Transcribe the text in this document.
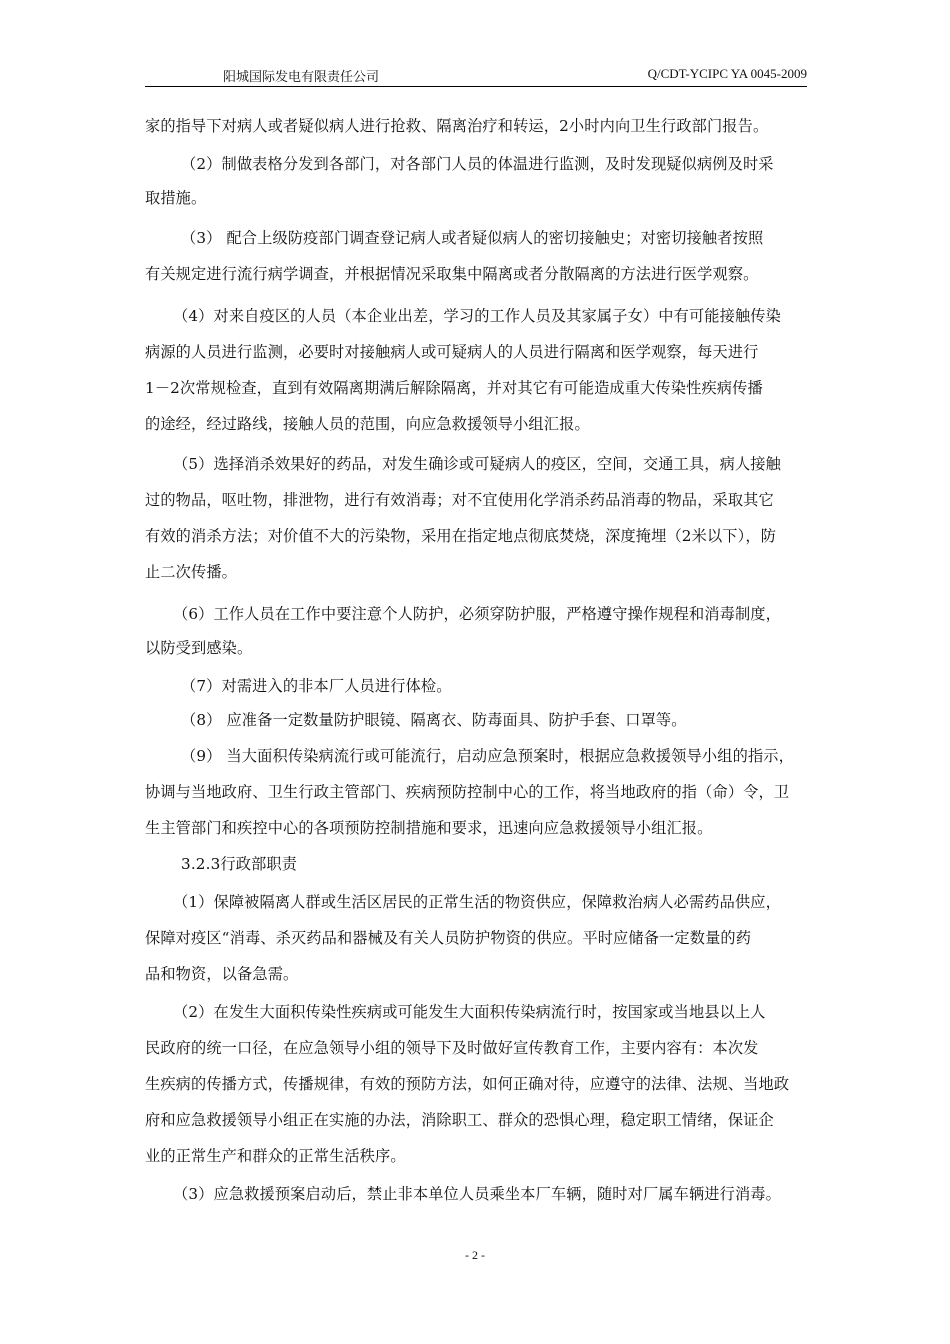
阳城国际发电有限责任公司	Q/CDT-YCIPC YA 0045-2009
家的指导下对病人或者疑似病人进行抢救、隔离治疗和转运，2小时内向卫生行政部门报告。
（2）制做表格分发到各部门，对各部门人员的体温进行监测，及时发现疑似病例及时采
取措施。
（3） 配合上级防疫部门调查登记病人或者疑似病人的密切接触史；对密切接触者按照
有关规定进行流行病学调查，并根据情况采取集中隔离或者分散隔离的方法进行医学观察。
（4）对来自疫区的人员（本企业出差，学习的工作人员及其家属子女）中有可能接触传染
病源的人员进行监测，必要时对接触病人或可疑病人的人员进行隔离和医学观察，每天进行
1－2次常规检查，直到有效隔离期满后解除隔离，并对其它有可能造成重大传染性疾病传播
的途经，经过路线，接触人员的范围，向应急救援领导小组汇报。
（5）选择消杀效果好的药品，对发生确诊或可疑病人的疫区，空间，交通工具，病人接触
过的物品，呕吐物，排泄物，进行有效消毒；对不宜使用化学消杀药品消毒的物品，采取其它
有效的消杀方法；对价值不大的污染物，采用在指定地点彻底焚烧，深度掩埋（2米以下），防
止二次传播。
（6）工作人员在工作中要注意个人防护，必须穿防护服，严格遵守操作规程和消毒制度，
以防受到感染。
（7）对需进入的非本厂人员进行体检。
（8） 应准备一定数量防护眼镜、隔离衣、防毒面具、防护手套、口罩等。
（9） 当大面积传染病流行或可能流行，启动应急预案时，根据应急救援领导小组的指示，
协调与当地政府、卫生行政主管部门、疾病预防控制中心的工作，将当地政府的指（命）令，卫
生主管部门和疾控中心的各项预防控制措施和要求，迅速向应急救援领导小组汇报。
3.2.3行政部职责
（1）保障被隔离人群或生活区居民的正常生活的物资供应，保障救治病人必需药品供应，
保障对疫区“消毒、杀灭药品和器械及有关人员防护物资的供应。平时应储备一定数量的药
品和物资，以备急需。
（2）在发生大面积传染性疾病或可能发生大面积传染病流行时，按国家或当地县以上人
民政府的统一口径，在应急领导小组的领导下及时做好宣传教育工作，主要内容有：本次发
生疾病的传播方式，传播规律，有效的预防方法，如何正确对待，应遵守的法律、法规、当地政
府和应急救援领导小组正在实施的办法，消除职工、群众的恐惧心理，稳定职工情绪，保证企
业的正常生产和群众的正常生活秩序。
（3）应急救援预案启动后，禁止非本单位人员乘坐本厂车辆，随时对厂属车辆进行消毒。
- 2 -
